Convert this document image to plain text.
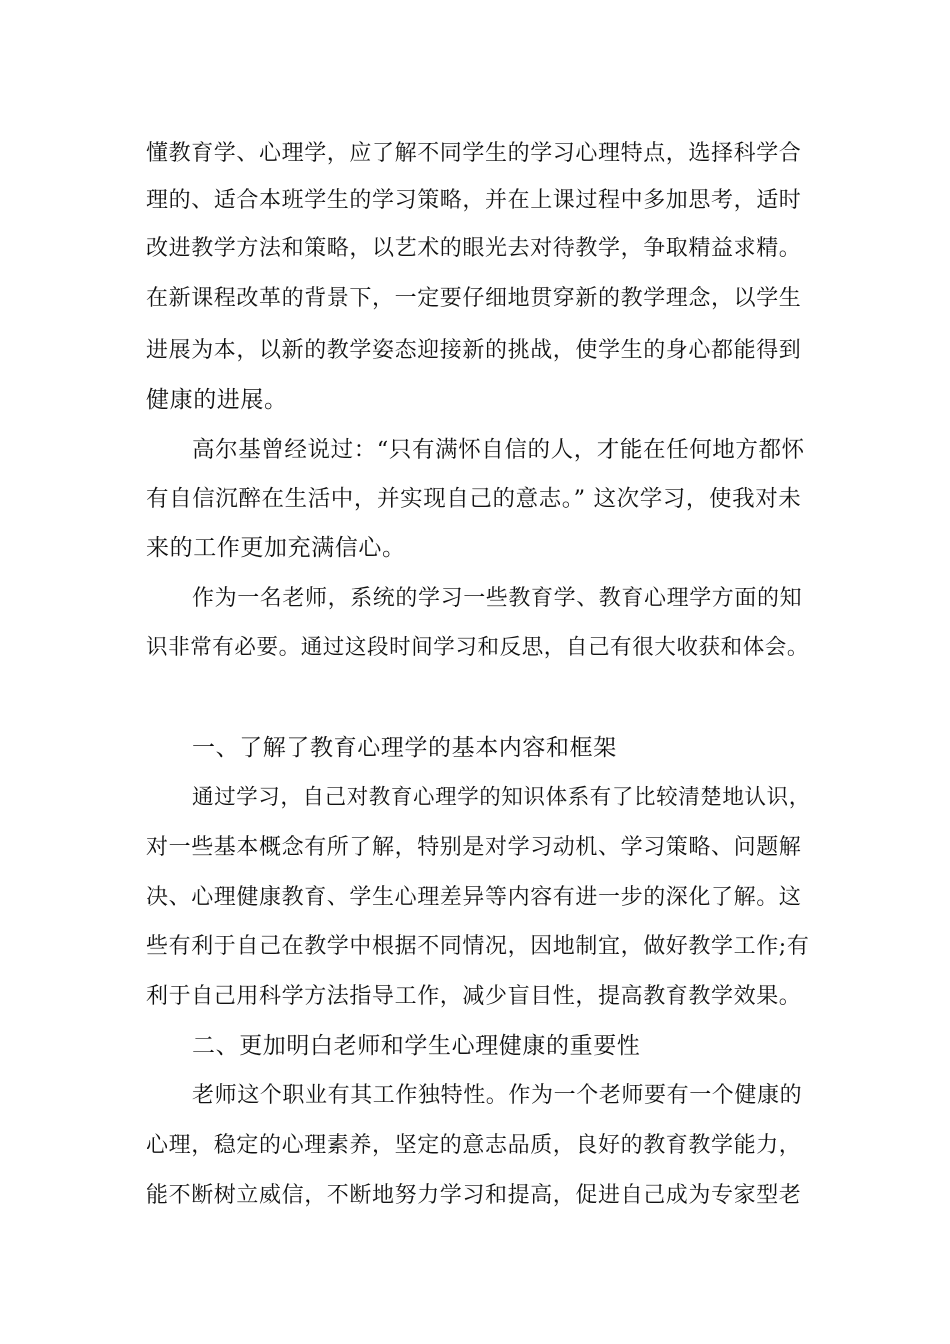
懂教育学、心理学，应了解不同学生的学习心理特点，选择科学合
理的、适合本班学生的学习策略，并在上课过程中多加思考，适时
改进教学方法和策略，以艺术的眼光去对待教学，争取精益求精。
在新课程改革的背景下，一定要仔细地贯穿新的教学理念，以学生
进展为本，以新的教学姿态迎接新的挑战，使学生的身心都能得到
健康的进展。
高尔基曾经说过：“只有满怀自信的人，才能在任何地方都怀
有自信沉醉在生活中，并实现自己的意志。” 这次学习，使我对未
来的工作更加充满信心。
作为一名老师，系统的学习一些教育学、教育心理学方面的知
识非常有必要。通过这段时间学习和反思，自己有很大收获和体会。
一、了解了教育心理学的基本内容和框架
通过学习，自己对教育心理学的知识体系有了比较清楚地认识，
对一些基本概念有所了解，特别是对学习动机、学习策略、问题解
决、心理健康教育、学生心理差异等内容有进一步的深化了解。这
些有利于自己在教学中根据不同情况，因地制宜，做好教学工作;有
利于自己用科学方法指导工作，减少盲目性，提高教育教学效果。
二、更加明白老师和学生心理健康的重要性
老师这个职业有其工作独特性。作为一个老师要有一个健康的
心理，稳定的心理素养，坚定的意志品质，良好的教育教学能力，
能不断树立威信，不断地努力学习和提高，促进自己成为专家型老
